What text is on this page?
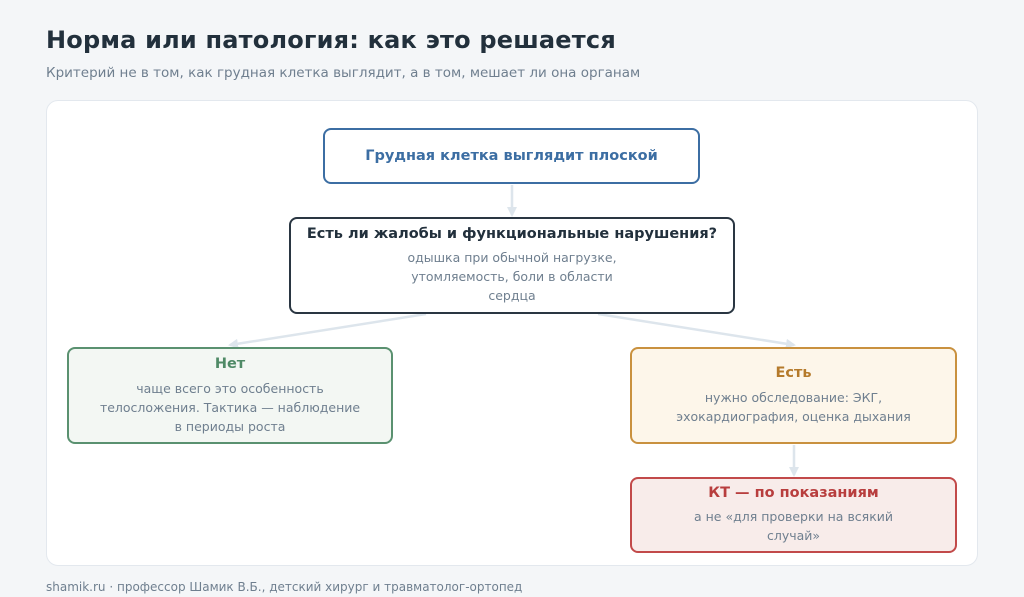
Норма или патология: как это решается
Критерий не в том, как грудная клетка выглядит, а в том, мешает ли она органам
Грудная клетка выглядит плоской
Есть ли жалобы и функциональные нарушения?
одышка при обычной нагрузке,
утомляемость, боли в области
сердца
Нет
чаще всего это особенность
телосложения. Тактика — наблюдение
в периоды роста
Есть
нужно обследование: ЭКГ,
эхокардиография, оценка дыхания
КТ — по показаниям
а не «для проверки на всякий
случай»
shamik.ru · профессор Шамик В.Б., детский хирург и травматолог-ортопед
